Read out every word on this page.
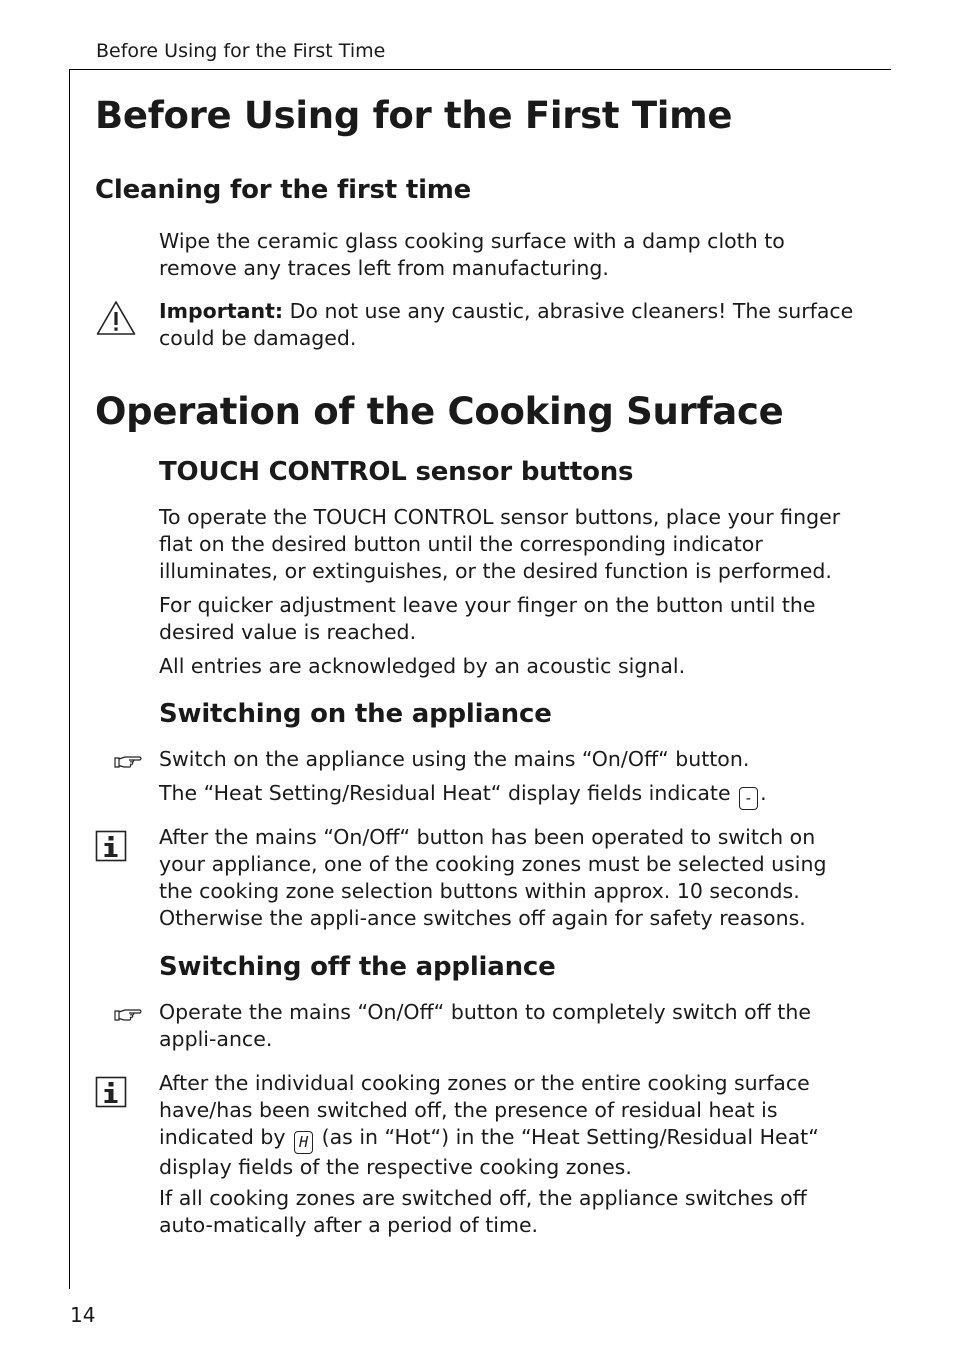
Before Using for the First Time
Before Using for the First Time
Cleaning for the first time

Wipe the ceramic glass cooking surface with a damp cloth to remove any traces left from manufacturing.

Important: Do not use any caustic, abrasive cleaners! The surface could be damaged.

Operation of the Cooking Surface
TOUCH CONTROL sensor buttons

To operate the TOUCH CONTROL sensor buttons, place your finger flat on the desired button until the corresponding indicator illuminates, or extinguishes, or the desired function is performed.

For quicker adjustment leave your finger on the button until the desired value is reached.

All entries are acknowledged by an acoustic signal.

Switching on the appliance

Switch on the appliance using the mains “On/Off“ button.

The “Heat Setting/Residual Heat“ display fields indicate - .

After the mains “On/Off“ button has been operated to switch on your appliance, one of the cooking zones must be selected using the cooking zone selection buttons within approx. 10 seconds. Otherwise the appli-ance switches off again for safety reasons.

Switching off the appliance

Operate the mains “On/Off“ button to completely switch off the appli-ance.

After the individual cooking zones or the entire cooking surface have/has been switched off, the presence of residual heat is indicated by H (as in “Hot“) in the “Heat Setting/Residual Heat“ display fields of the respective cooking zones.

If all cooking zones are switched off, the appliance switches off auto-matically after a period of time.

14
